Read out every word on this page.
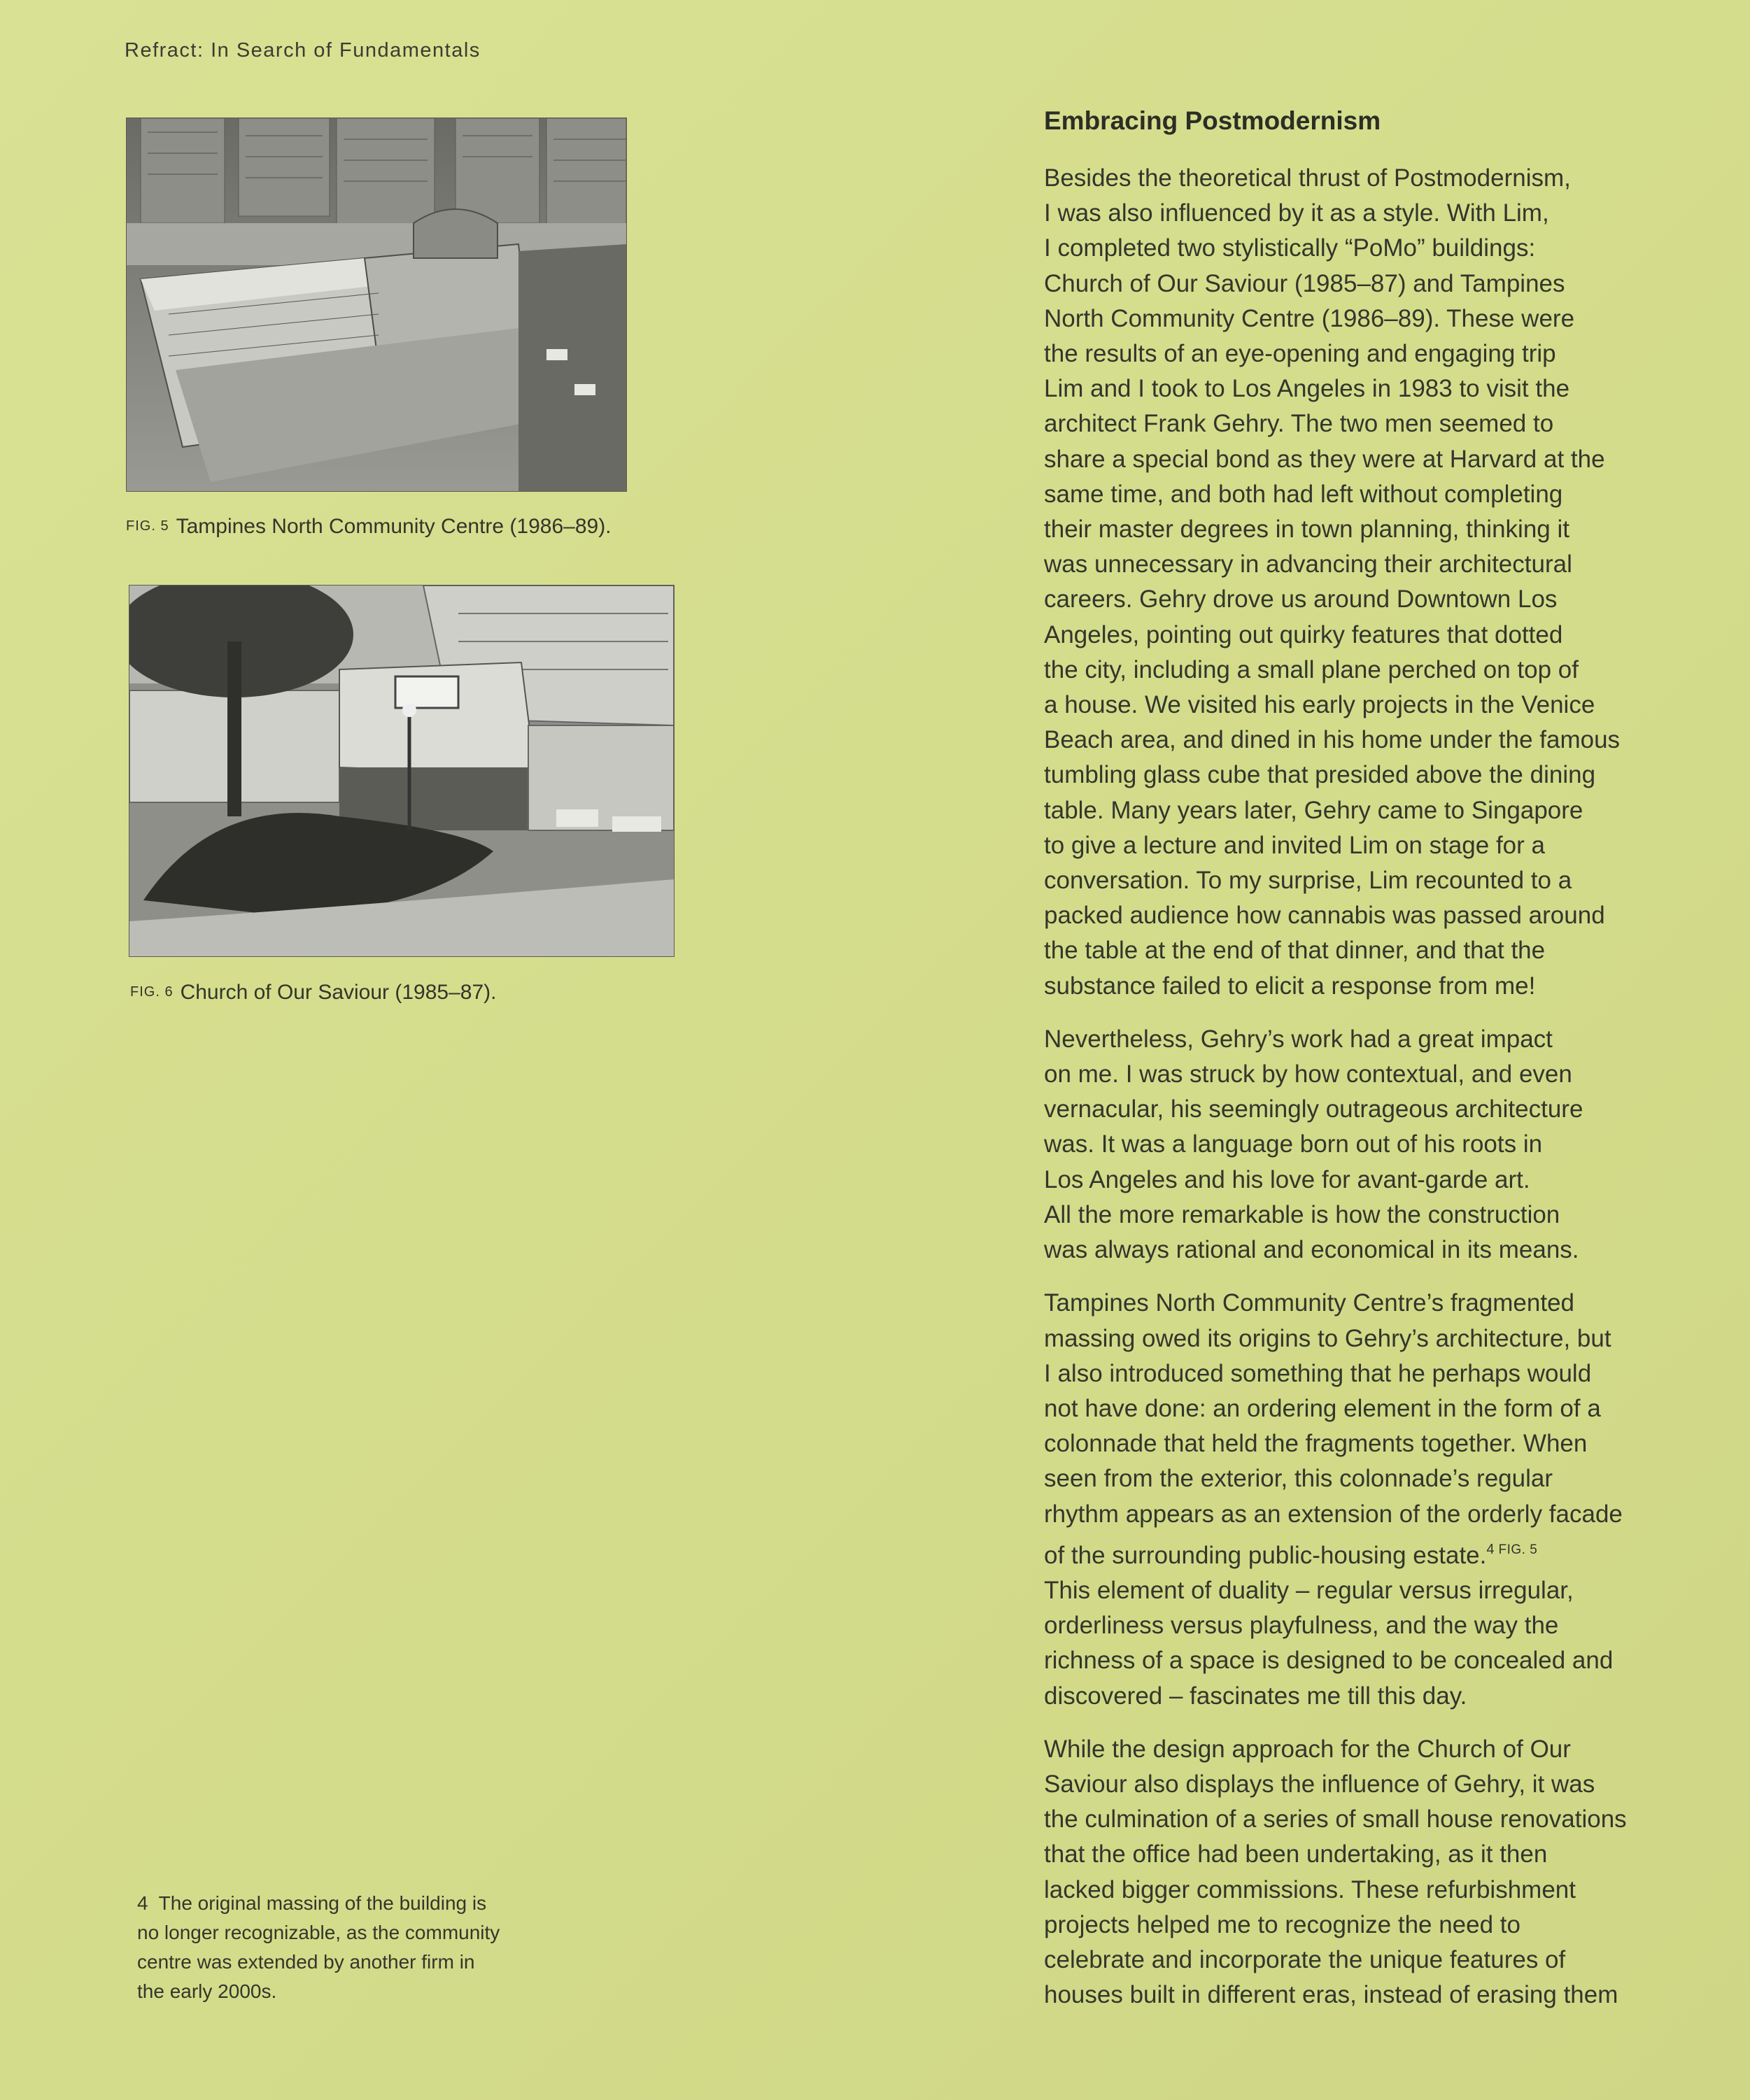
Refract: In Search of Fundamentals
FIG. 5 Tampines North Community Centre (1986–89).
FIG. 6 Church of Our Saviour (1985–87).
4 The original massing of the building is
no longer recognizable, as the community
centre was extended by another firm in
the early 2000s.
Embracing Postmodernism

Besides the theoretical thrust of Postmodernism,
I was also influenced by it as a style. With Lim,
I completed two stylistically “PoMo” buildings:
Church of Our Saviour (1985–87) and Tampines
North Community Centre (1986–89). These were
the results of an eye-opening and engaging trip
Lim and I took to Los Angeles in 1983 to visit the
architect Frank Gehry. The two men seemed to
share a special bond as they were at Harvard at the
same time, and both had left without completing
their master degrees in town planning, thinking it
was unnecessary in advancing their architectural
careers. Gehry drove us around Downtown Los
Angeles, pointing out quirky features that dotted
the city, including a small plane perched on top of
a house. We visited his early projects in the Venice
Beach area, and dined in his home under the famous
tumbling glass cube that presided above the dining
table. Many years later, Gehry came to Singapore
to give a lecture and invited Lim on stage for a
conversation. To my surprise, Lim recounted to a
packed audience how cannabis was passed around
the table at the end of that dinner, and that the
substance failed to elicit a response from me!

Nevertheless, Gehry’s work had a great impact
on me. I was struck by how contextual, and even
vernacular, his seemingly outrageous architecture
was. It was a language born out of his roots in
Los Angeles and his love for avant-garde art.
All the more remarkable is how the construction
was always rational and economical in its means.

Tampines North Community Centre’s fragmented
massing owed its origins to Gehry’s architecture, but
I also introduced something that he perhaps would
not have done: an ordering element in the form of a
colonnade that held the fragments together. When
seen from the exterior, this colonnade’s regular
rhythm appears as an extension of the orderly facade
of the surrounding public-housing estate.$^4$ $^{FIG. 5}$
This element of duality – regular versus irregular,
orderliness versus playfulness, and the way the
richness of a space is designed to be concealed and
discovered – fascinates me till this day.

While the design approach for the Church of Our
Saviour also displays the influence of Gehry, it was
the culmination of a series of small house renovations
that the office had been undertaking, as it then
lacked bigger commissions. These refurbishment
projects helped me to recognize the need to
celebrate and incorporate the unique features of
houses built in different eras, instead of erasing them
